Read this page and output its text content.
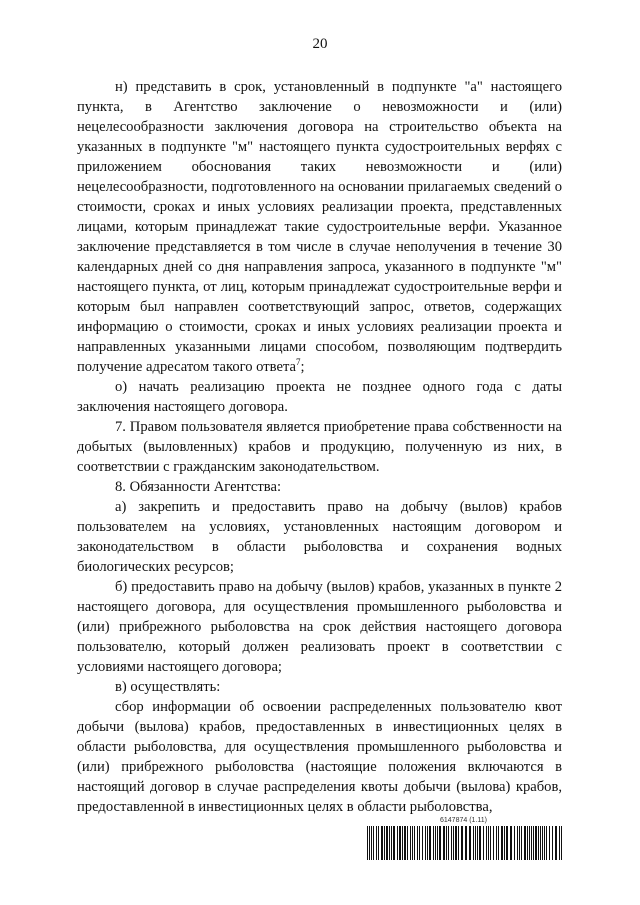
20

н) представить в срок, установленный в подпункте "а" настоящего пункта, в Агентство заключение о невозможности и (или) нецелесообразности заключения договора на строительство объекта на указанных в подпункте "м" настоящего пункта судостроительных верфях с приложением обоснования таких невозможности и (или) нецелесообразности, подготовленного на основании прилагаемых сведений о стоимости, сроках и иных условиях реализации проекта, представленных лицами, которым принадлежат такие судостроительные верфи. Указанное заключение представляется в том числе в случае неполучения в течение 30 календарных дней со дня направления запроса, указанного в подпункте "м" настоящего пункта, от лиц, которым принадлежат судостроительные верфи и которым был направлен соответствующий запрос, ответов, содержащих информацию о стоимости, сроках и иных условиях реализации проекта и направленных указанными лицами способом, позволяющим подтвердить получение адресатом такого ответа$^7$;

о) начать реализацию проекта не позднее одного года с даты заключения настоящего договора.

7. Правом пользователя является приобретение права собственности на добытых (выловленных) крабов и продукцию, полученную из них, в соответствии с гражданским законодательством.

8. Обязанности Агентства:

а) закрепить и предоставить право на добычу (вылов) крабов пользователем на условиях, установленных настоящим договором и законодательством в области рыболовства и сохранения водных биологических ресурсов;

б) предоставить право на добычу (вылов) крабов, указанных в пункте 2 настоящего договора, для осуществления промышленного рыболовства и (или) прибрежного рыболовства на срок действия настоящего договора пользователю, который должен реализовать проект в соответствии с условиями настоящего договора;

в) осуществлять:

сбор информации об освоении распределенных пользователю квот добычи (вылова) крабов, предоставленных в инвестиционных целях в области рыболовства, для осуществления промышленного рыболовства и (или) прибрежного рыболовства (настоящие положения включаются в настоящий договор в случае распределения квоты добычи (вылова) крабов, предоставленной в инвестиционных целях в области рыболовства,

6147874 (1.11)
